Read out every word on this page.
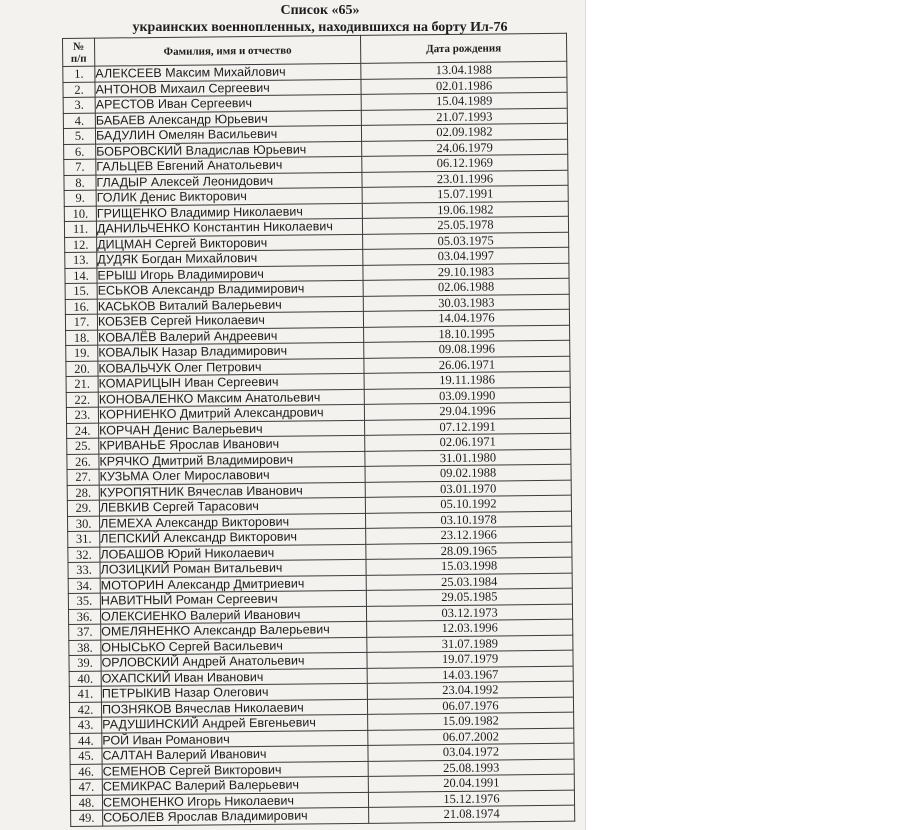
Список «65»
украинских военнопленных, находившихся на борту Ил-76
№
п/п	Фамилия, имя и отчество	Дата рождения
1.	АЛЕКСЕЕВ Максим Михайлович	13.04.1988
2.	АНТОНОВ Михаил Сергеевич	02.01.1986
3.	АРЕСТОВ Иван Сергеевич	15.04.1989
4.	БАБАЕВ Александр Юрьевич	21.07.1993
5.	БАДУЛИН Омелян Васильевич	02.09.1982
6.	БОБРОВСКИЙ Владислав Юрьевич	24.06.1979
7.	ГАЛЬЦЕВ Евгений Анатольевич	06.12.1969
8.	ГЛАДЫР Алексей Леонидович	23.01.1996
9.	ГОЛИК Денис Викторович	15.07.1991
10.	ГРИЩЕНКО Владимир Николаевич	19.06.1982
11.	ДАНИЛЬЧЕНКО Константин Николаевич	25.05.1978
12.	ДИЦМАН Сергей Викторович	05.03.1975
13.	ДУДЯК Богдан Михайлович	03.04.1997
14.	ЕРЫШ Игорь Владимирович	29.10.1983
15.	ЕСЬКОВ Александр Владимирович	02.06.1988
16.	КАСЬКОВ Виталий Валерьевич	30.03.1983
17.	КОБЗЕВ Сергей Николаевич	14.04.1976
18.	КОВАЛЁВ Валерий Андреевич	18.10.1995
19.	КОВАЛЫК Назар Владимирович	09.08.1996
20.	КОВАЛЬЧУК Олег Петрович	26.06.1971
21.	КОМАРИЦЫН Иван Сергеевич	19.11.1986
22.	КОНОВАЛЕНКО Максим Анатольевич	03.09.1990
23.	КОРНИЕНКО Дмитрий Александрович	29.04.1996
24.	КОРЧАН Денис Валерьевич	07.12.1991
25.	КРИВАНЬЕ Ярослав Иванович	02.06.1971
26.	КРЯЧКО Дмитрий Владимирович	31.01.1980
27.	КУЗЬМА Олег Мирославович	09.02.1988
28.	КУРОПЯТНИК Вячеслав Иванович	03.01.1970
29.	ЛЕВКИВ Сергей Тарасович	05.10.1992
30.	ЛЕМЕХА Александр Викторович	03.10.1978
31.	ЛЕПСКИЙ Александр Викторович	23.12.1966
32.	ЛОБАШОВ Юрий Николаевич	28.09.1965
33.	ЛОЗИЦКИЙ Роман Витальевич	15.03.1998
34.	МОТОРИН Александр Дмитриевич	25.03.1984
35.	НАВИТНЫЙ Роман Сергеевич	29.05.1985
36.	ОЛЕКСИЕНКО Валерий Иванович	03.12.1973
37.	ОМЕЛЯНЕНКО Александр Валерьевич	12.03.1996
38.	ОНЫСЬКО Сергей Васильевич	31.07.1989
39.	ОРЛОВСКИЙ Андрей Анатольевич	19.07.1979
40.	ОХАПСКИЙ Иван Иванович	14.03.1967
41.	ПЕТРЫКИВ Назар Олегович	23.04.1992
42.	ПОЗНЯКОВ Вячеслав Николаевич	06.07.1976
43.	РАДУШИНСКИЙ Андрей Евгеньевич	15.09.1982
44.	РОЙ Иван Романович	06.07.2002
45.	САЛТАН Валерий Иванович	03.04.1972
46.	СЕМЕНОВ Сергей Викторович	25.08.1993
47.	СЕМИКРАС Валерий Валерьевич	20.04.1991
48.	СЕМОНЕНКО Игорь Николаевич	15.12.1976
49.	СОБОЛЕВ Ярослав Владимирович	21.08.1974
